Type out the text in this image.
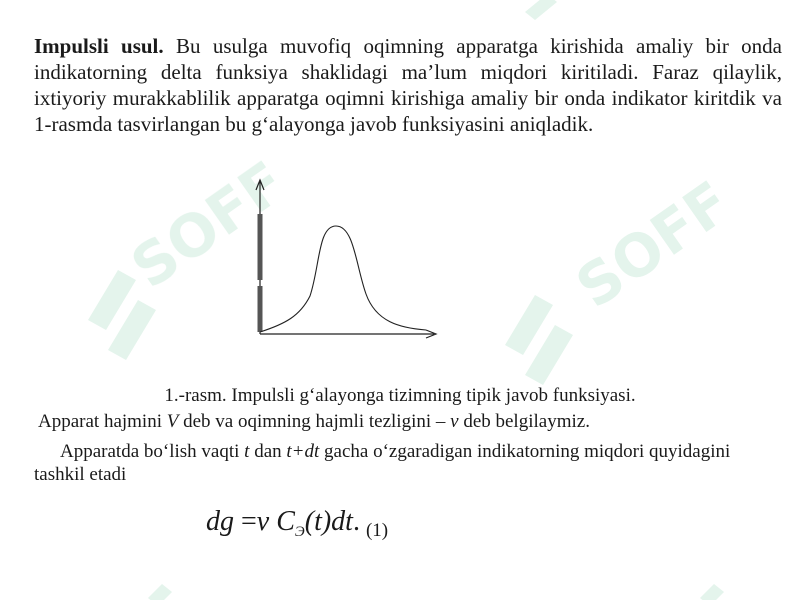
SOFF	SOFF
Impulsli usul. Bu usulga muvofiq oqimning apparatga kirishida amaliy bir onda indikatorning delta funksiya shaklidagi ma’lum miqdori kiritiladi. Faraz qilaylik, ixtiyoriy murakkablilik apparatga oqimni kirishiga amaliy bir onda indikator kiritdik va 1-rasmda tasvirlangan bu g‘alayonga javob funksiyasini aniqladik.
1.-rasm. Impulsli g‘alayonga tizimning tipik javob funksiyasi.
Apparat hajmini V deb va oqimning hajmli tezligini – v deb belgilaymiz.
Apparatda bo‘lish vaqti t dan t+dt gacha o‘zgaradigan indikatorning miqdori quyidagini tashkil etadi
dg =ν $C_Э(t)dt$. $_{(1)}$
